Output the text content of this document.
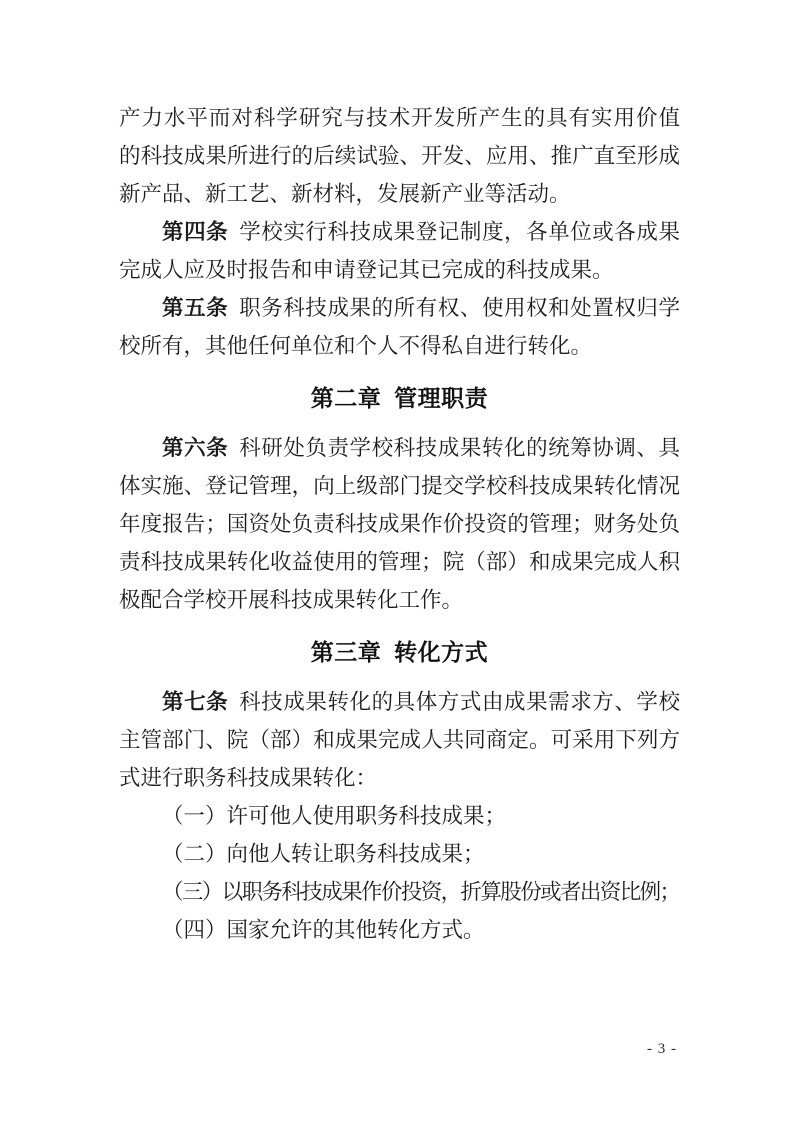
产力水平而对科学研究与技术开发所产生的具有实用价值
的科技成果所进行的后续试验、开发、应用、推广直至形成
新产品、新工艺、新材料，发展新产业等活动。
第四条 学校实行科技成果登记制度，各单位或各成果
完成人应及时报告和申请登记其已完成的科技成果。
第五条 职务科技成果的所有权、使用权和处置权归学
校所有，其他任何单位和个人不得私自进行转化。
第二章 管理职责
第六条 科研处负责学校科技成果转化的统筹协调、具
体实施、登记管理，向上级部门提交学校科技成果转化情况
年度报告；国资处负责科技成果作价投资的管理；财务处负
责科技成果转化收益使用的管理；院（部）和成果完成人积
极配合学校开展科技成果转化工作。
第三章 转化方式
第七条 科技成果转化的具体方式由成果需求方、学校
主管部门、院（部）和成果完成人共同商定。可采用下列方
式进行职务科技成果转化：
（一）许可他人使用职务科技成果；
（二）向他人转让职务科技成果；
（三）以职务科技成果作价投资，折算股份或者出资比例；
（四）国家允许的其他转化方式。
- 3 -
